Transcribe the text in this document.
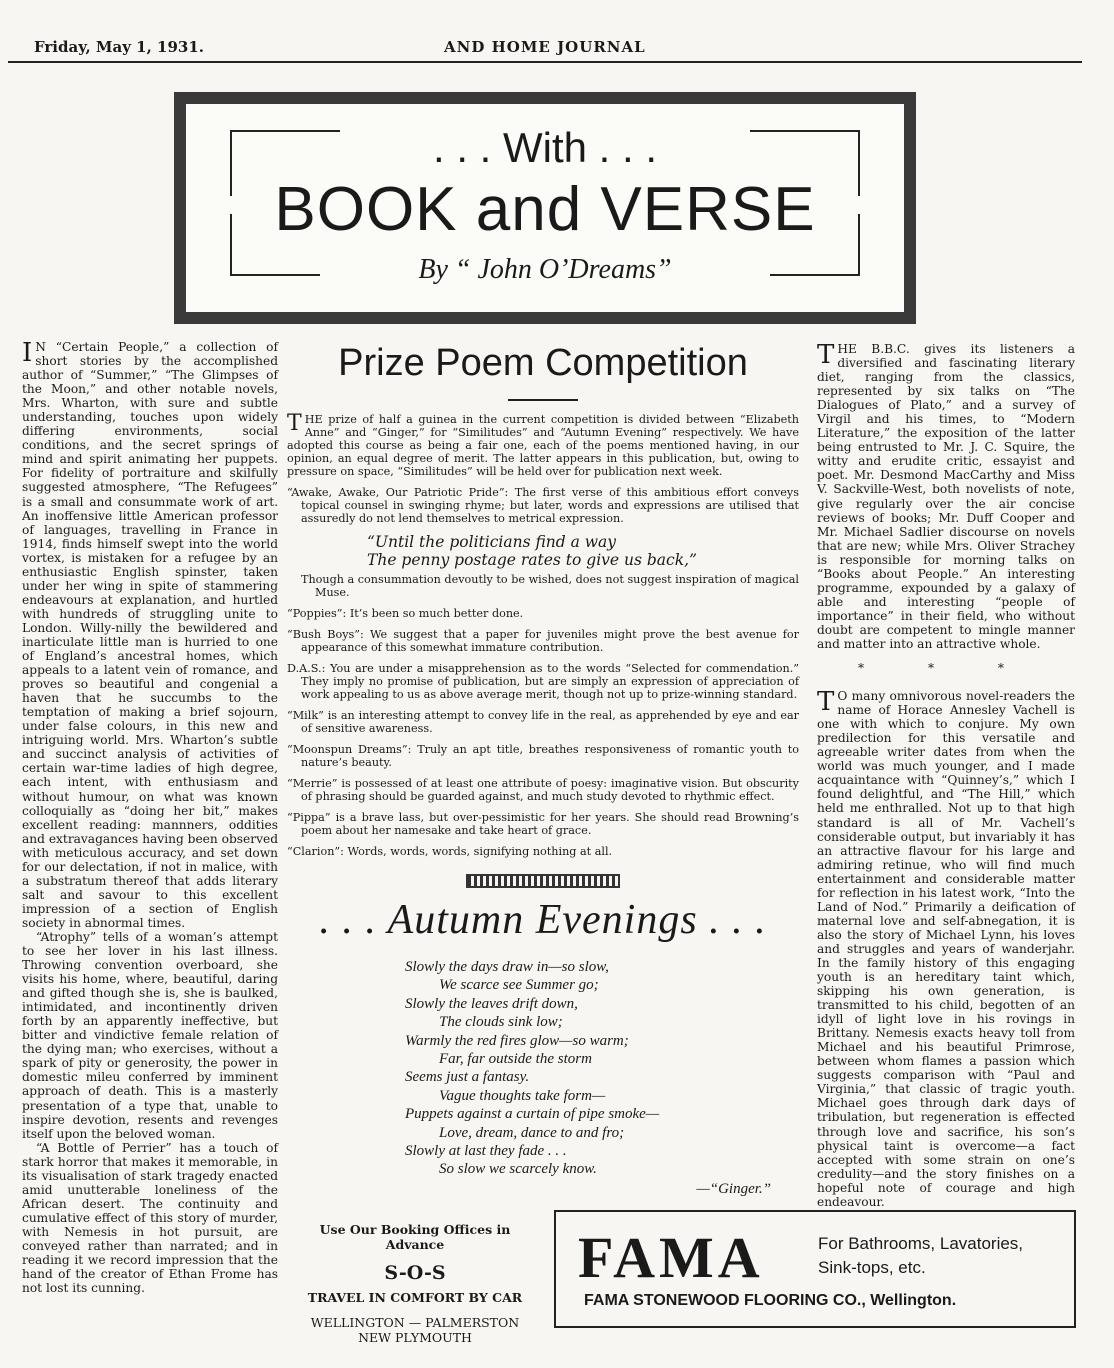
Friday, May 1, 1931.	AND HOME JOURNAL
. . . With . . .
BOOK and VERSE
By “ John O’Dreams”

I N “Certain People,” a collection of short stories by the accomplished author of “Summer,” “The Glimpses of the Moon,” and other notable novels, Mrs. Wharton, with sure and subtle understanding, touches upon widely differing environments, social conditions, and the secret springs of mind and spirit animating her puppets. For fidelity of portraiture and skilfully suggested atmosphere, “The Refugees” is a small and consummate work of art. An inoffensive little American professor of languages, travelling in France in 1914, finds himself swept into the world vortex, is mistaken for a refugee by an enthusiastic English spinster, taken under her wing in spite of stammering endeavours at explanation, and hurtled with hundreds of struggling unite to London. Willy-nilly the bewildered and inarticulate little man is hurried to one of England’s ancestral homes, which appeals to a latent vein of romance, and proves so beautiful and congenial a haven that he succumbs to the temptation of making a brief sojourn, under false colours, in this new and intriguing world. Mrs. Wharton’s subtle and succinct analysis of activities of certain war-time ladies of high degree, each intent, with enthusiasm and without humour, on what was known colloquially as “doing her bit,” makes excellent reading: mannners, oddities and extravagances having been observed with meticulous accuracy, and set down for our delectation, if not in malice, with a substratum thereof that adds literary salt and savour to this excellent impression of a section of English society in abnormal times.

“Atrophy” tells of a woman’s attempt to see her lover in his last illness. Throwing convention overboard, she visits his home, where, beautiful, daring and gifted though she is, she is baulked, intimidated, and incontinently driven forth by an apparently ineffective, but bitter and vindictive female relation of the dying man; who exercises, without a spark of pity or generosity, the power in domestic mileu conferred by imminent approach of death. This is a masterly presentation of a type that, unable to inspire devotion, resents and revenges itself upon the beloved woman.

“A Bottle of Perrier” has a touch of stark horror that makes it memorable, in its visualisation of stark tragedy enacted amid unutterable loneliness of the African desert. The continuity and cumulative effect of this story of murder, with Nemesis in hot pursuit, are conveyed rather than narrated; and in reading it we record impression that the hand of the creator of Ethan Frome has not lost its cunning.

Prize Poem Competition

THE prize of half a guinea in the current competition is divided between “Elizabeth Anne” and “Ginger,” for “Similitudes” and “Autumn Evening” respectively. We have adopted this course as being a fair one, each of the poems mentioned having, in our opinion, an equal degree of merit. The latter appears in this publication, but, owing to pressure on space, “Similitudes” will be held over for publication next week.

“Awake, Awake, Our Patriotic Pride”: The first verse of this ambitious effort conveys topical counsel in swinging rhyme; but later, words and expressions are utilised that assuredly do not lend themselves to metrical expression.

“Until the politicians find a way
The penny postage rates to give us back,”

Though a consummation devoutly to be wished, does not suggest inspiration of magical Muse.

“Poppies”: It’s been so much better done.

“Bush Boys”: We suggest that a paper for juveniles might prove the best avenue for appearance of this somewhat immature contribution.

D.A.S.: You are under a misapprehension as to the words “Selected for commendation.” They imply no promise of publication, but are simply an expression of appreciation of work appealing to us as above average merit, though not up to prize-winning standard.

“Milk” is an interesting attempt to convey life in the real, as apprehended by eye and ear of sensitive awareness.

“Moonspun Dreams”: Truly an apt title, breathes responsiveness of romantic youth to nature’s beauty.

“Merrie” is possessed of at least one attribute of poesy: imaginative vision. But obscurity of phrasing should be guarded against, and much study devoted to rhythmic effect.

“Pippa” is a brave lass, but over-pessimistic for her years. She should read Browning’s poem about her namesake and take heart of grace.

“Clarion”: Words, words, words, signifying nothing at all.

. . . Autumn Evenings . . .
Slowly the days draw in—so slow,
We scarce see Summer go;
Slowly the leaves drift down,
The clouds sink low;
Warmly the red fires glow—so warm;
Far, far outside the storm
Seems just a fantasy.
Vague thoughts take form—
Puppets against a curtain of pipe smoke—
Love, dream, dance to and fro;
Slowly at last they fade . . .
So slow we scarcely know.
—“Ginger.”

THE B.B.C. gives its listeners a diversified and fascinating literary diet, ranging from the classics, represented by six talks on “The Dialogues of Plato,” and a survey of Virgil and his times, to “Modern Literature,” the exposition of the latter being entrusted to Mr. J. C. Squire, the witty and erudite critic, essayist and poet. Mr. Desmond MacCarthy and Miss V. Sackville-West, both novelists of note, give regularly over the air concise reviews of books; Mr. Duff Cooper and Mr. Michael Sadlier discourse on novels that are new; while Mrs. Oliver Strachey is responsible for morning talks on “Books about People.” An interesting programme, expounded by a galaxy of able and interesting “people of importance” in their field, who without doubt are competent to mingle manner and matter into an attractive whole.

* * *

T O many omnivorous novel-readers the name of Horace Annesley Vachell is one with which to conjure. My own predilection for this versatile and agreeable writer dates from when the world was much younger, and I made acquaintance with “Quinney’s,” which I found delightful, and “The Hill,” which held me enthralled. Not up to that high standard is all of Mr. Vachell’s considerable output, but invariably it has an attractive flavour for his large and admiring retinue, who will find much entertainment and considerable matter for reflection in his latest work, “Into the Land of Nod.” Primarily a deification of maternal love and self-abnegation, it is also the story of Michael Lynn, his loves and struggles and years of wanderjahr. In the family history of this engaging youth is an hereditary taint which, skipping his own generation, is transmitted to his child, begotten of an idyll of light love in his rovings in Brittany. Nemesis exacts heavy toll from Michael and his beautiful Primrose, between whom flames a passion which suggests comparison with “Paul and Virginia,” that classic of tragic youth. Michael goes through dark days of tribulation, but regeneration is effected through love and sacrifice, his son’s physical taint is overcome—a fact accepted with some strain on one’s credulity—and the story finishes on a hopeful note of courage and high endeavour.

Use Our Booking Offices in Advance
S-O-S
TRAVEL IN COMFORT BY CAR
WELLINGTON — PALMERSTON
NEW PLYMOUTH
FAMA	For Bathrooms, Lavatories,
Sink-tops, etc.
FAMA STONEWOOD FLOORING CO., Wellington.
